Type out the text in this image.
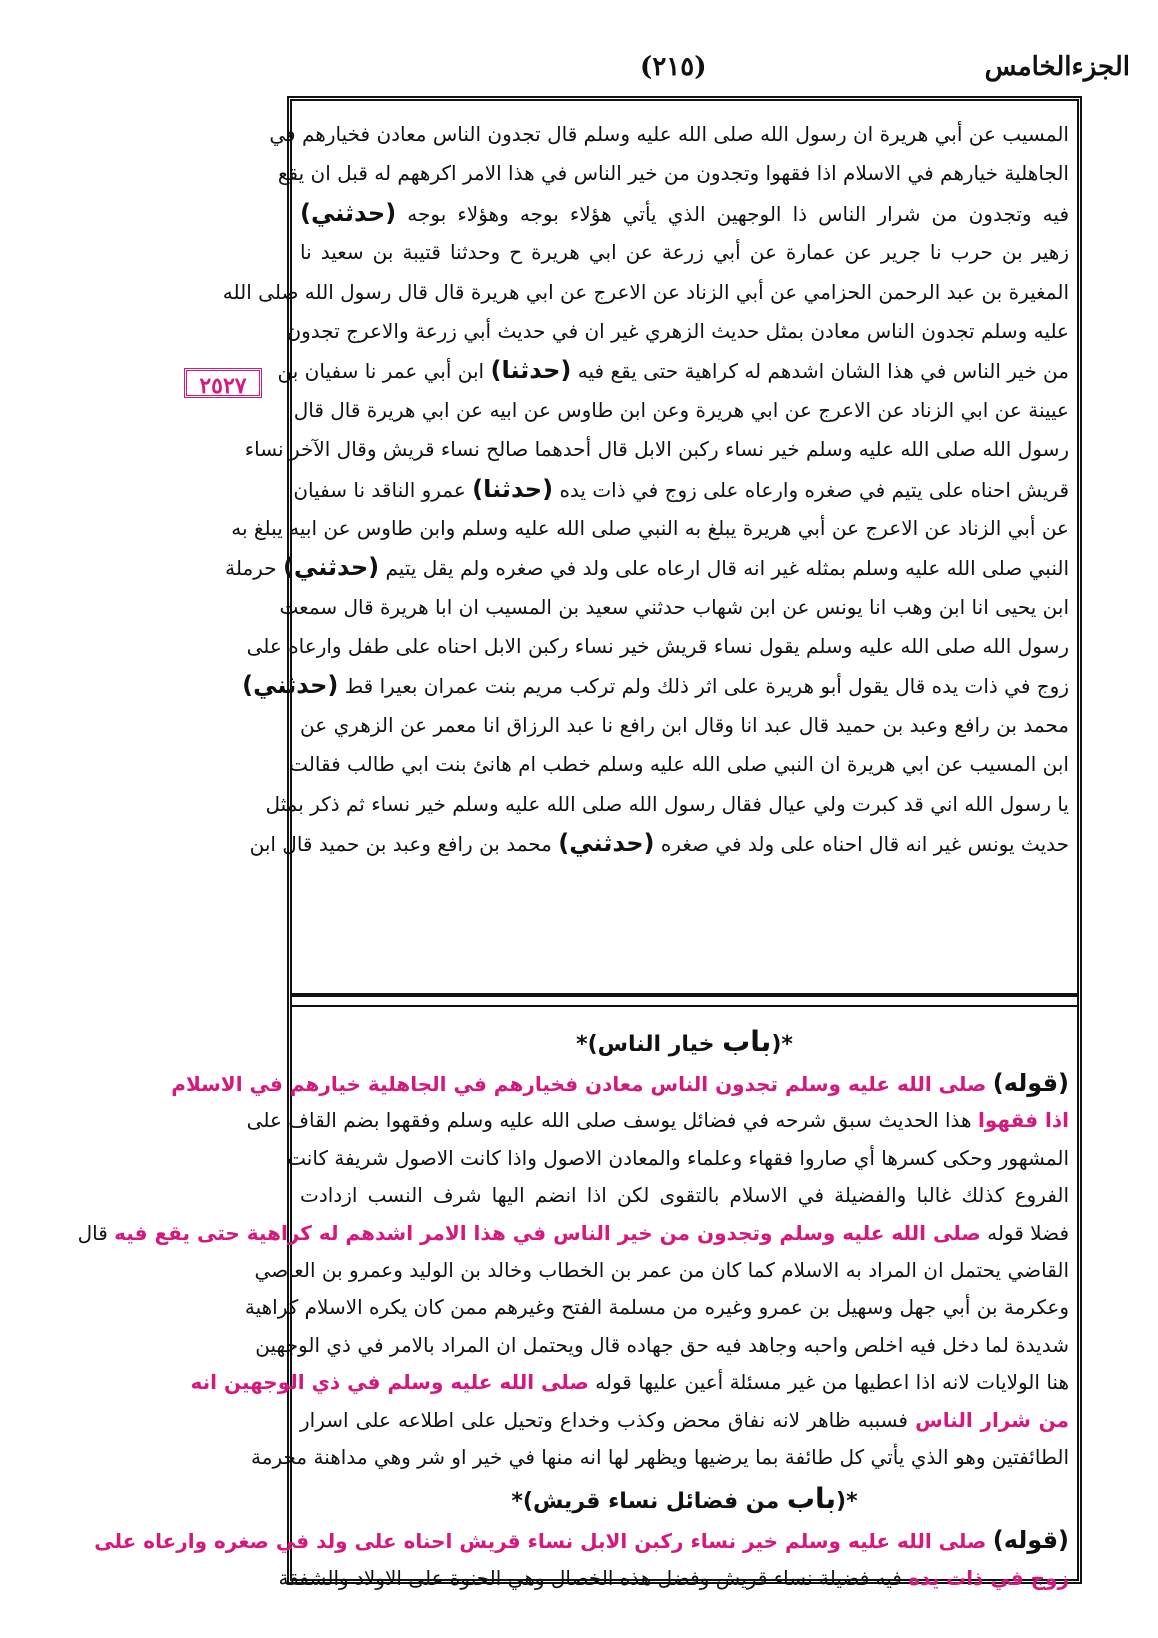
(٢١٥)	الجزءالخامس
٢٥٢٧
المسيب عن أبي هريرة ان رسول الله صلى الله عليه وسلم قال تجدون الناس معادن فخيارهم في
الجاهلية خيارهم في الاسلام اذا فقهوا وتجدون من خير الناس في هذا الامر اكرههم له قبل ان يقع
فيه وتجدون من شرار الناس ذا الوجهين الذي يأتي هؤلاء بوجه وهؤلاء بوجه (حدثني)
زهير بن حرب نا جرير عن عمارة عن أبي زرعة عن ابي هريرة ح وحدثنا قتيبة بن سعيد نا
المغيرة بن عبد الرحمن الحزامي عن أبي الزناد عن الاعرج عن ابي هريرة قال قال رسول الله صلى الله
عليه وسلم تجدون الناس معادن بمثل حديث الزهري غير ان في حديث أبي زرعة والاعرج تجدون
من خير الناس في هذا الشان اشدهم له كراهية حتى يقع فيه (حدثنا) ابن أبي عمر نا سفيان بن
عيينة عن ابي الزناد عن الاعرج عن ابي هريرة وعن ابن طاوس عن ابيه عن ابي هريرة قال قال
رسول الله صلى الله عليه وسلم خير نساء ركبن الابل قال أحدهما صالح نساء قريش وقال الآخر نساء
قريش احناه على يتيم في صغره وارعاه على زوج في ذات يده (حدثنا) عمرو الناقد نا سفيان
عن أبي الزناد عن الاعرج عن أبي هريرة يبلغ به النبي صلى الله عليه وسلم وابن طاوس عن ابيه يبلغ به
النبي صلى الله عليه وسلم بمثله غير انه قال ارعاه على ولد في صغره ولم يقل يتيم (حدثني) حرملة
ابن يحيى انا ابن وهب انا يونس عن ابن شهاب حدثني سعيد بن المسيب ان ابا هريرة قال سمعت
رسول الله صلى الله عليه وسلم يقول نساء قريش خير نساء ركبن الابل احناه على طفل وارعاه على
زوج في ذات يده قال يقول أبو هريرة على اثر ذلك ولم تركب مريم بنت عمران بعيرا قط (حدثني)
محمد بن رافع وعبد بن حميد قال عبد انا وقال ابن رافع نا عبد الرزاق انا معمر عن الزهري عن
ابن المسيب عن ابي هريرة ان النبي صلى الله عليه وسلم خطب ام هانئ بنت ابي طالب فقالت
يا رسول الله اني قد كبرت ولي عيال فقال رسول الله صلى الله عليه وسلم خير نساء ثم ذكر بمثل
حديث يونس غير انه قال احناه على ولد في صغره (حدثني) محمد بن رافع وعبد بن حميد قال ابن
*(باب خيار الناس)*
(قوله) صلى الله عليه وسلم تجدون الناس معادن فخيارهم في الجاهلية خيارهم في الاسلام
اذا فقهوا هذا الحديث سبق شرحه في فضائل يوسف صلى الله عليه وسلم وفقهوا بضم القاف على
المشهور وحكى كسرها أي صاروا فقهاء وعلماء والمعادن الاصول واذا كانت الاصول شريفة كانت
الفروع كذلك غالبا والفضيلة في الاسلام بالتقوى لكن اذا انضم اليها شرف النسب ازدادت
فضلا قوله صلى الله عليه وسلم وتجدون من خير الناس في هذا الامر اشدهم له كراهية حتى يقع فيه قال
القاضي يحتمل ان المراد به الاسلام كما كان من عمر بن الخطاب وخالد بن الوليد وعمرو بن العاصي
وعكرمة بن أبي جهل وسهيل بن عمرو وغيره من مسلمة الفتح وغيرهم ممن كان يكره الاسلام كراهية
شديدة لما دخل فيه اخلص واحبه وجاهد فيه حق جهاده قال ويحتمل ان المراد بالامر في ذي الوجهين
هنا الولايات لانه اذا اعطيها من غير مسئلة أعين عليها قوله صلى الله عليه وسلم في ذي الوجهين انه
من شرار الناس فسببه ظاهر لانه نفاق محض وكذب وخداع وتحيل على اطلاعه على اسرار
الطائفتين وهو الذي يأتي كل طائفة بما يرضيها ويظهر لها انه منها في خير او شر وهي مداهنة محرمة
*(باب من فضائل نساء قريش)*
(قوله) صلى الله عليه وسلم خير نساء ركبن الابل نساء قريش احناه على ولد في صغره وارعاه على
زوج في ذات يده فيه فضيلة نساء قريش وفضل هذه الخصال وهي الحنوة على الاولاد والشفقة
